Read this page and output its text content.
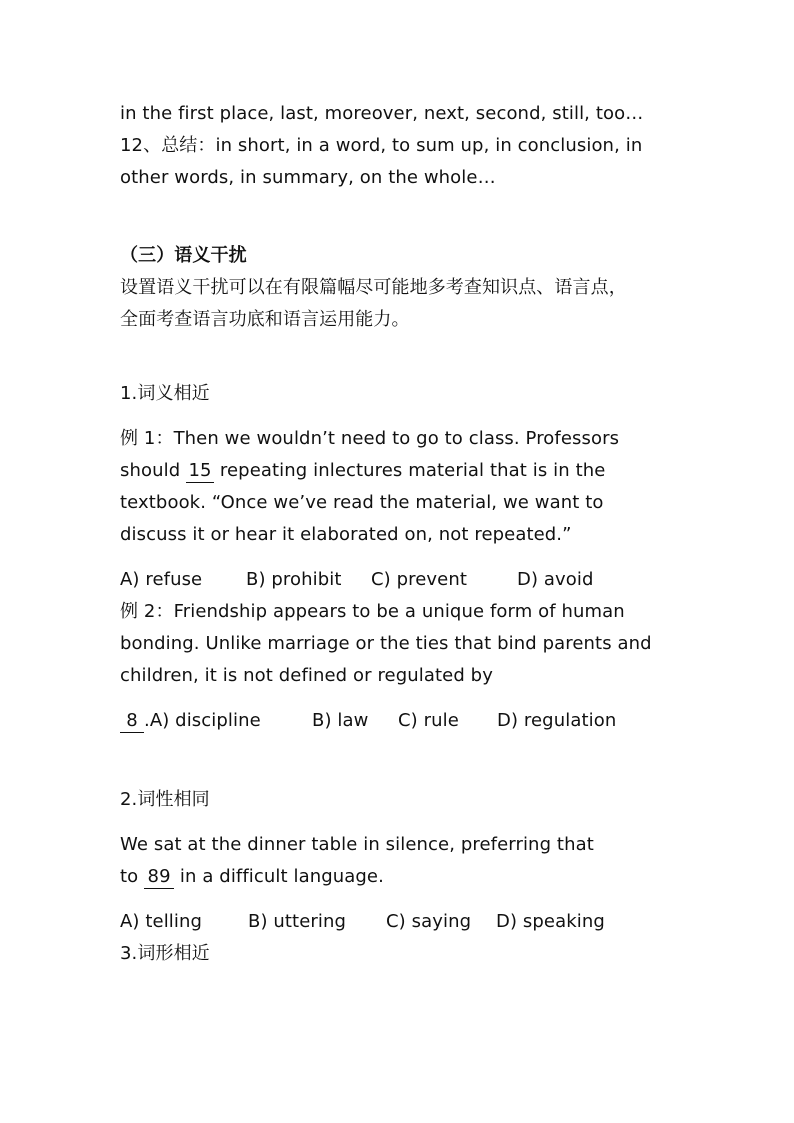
in the first place, last, moreover, next, second, still, too…
12、总结：in short, in a word, to sum up, in conclusion, in
other words, in summary, on the whole…
（三）语义干扰
设置语义干扰可以在有限篇幅尽可能地多考查知识点、语言点，
全面考查语言功底和语言运用能力。
1.词义相近
例 1：Then we wouldn’t need to go to class. Professors
should 15 repeating inlectures material that is in the
textbook. “Once we’ve read the material, we want to
discuss it or hear it elaborated on, not repeated.”
A) refuse B) prohibit C) prevent	D) avoid
例 2：Friendship appears to be a unique form of human
bonding. Unlike marriage or the ties that bind parents and
children, it is not defined or regulated by
8 .A) discipline	B) law C) rule D) regulation
2.词性相同
We sat at the dinner table in silence, preferring that
to 89 in a difficult language.
A) telling	B) uttering C) saying D) speaking
3.词形相近
